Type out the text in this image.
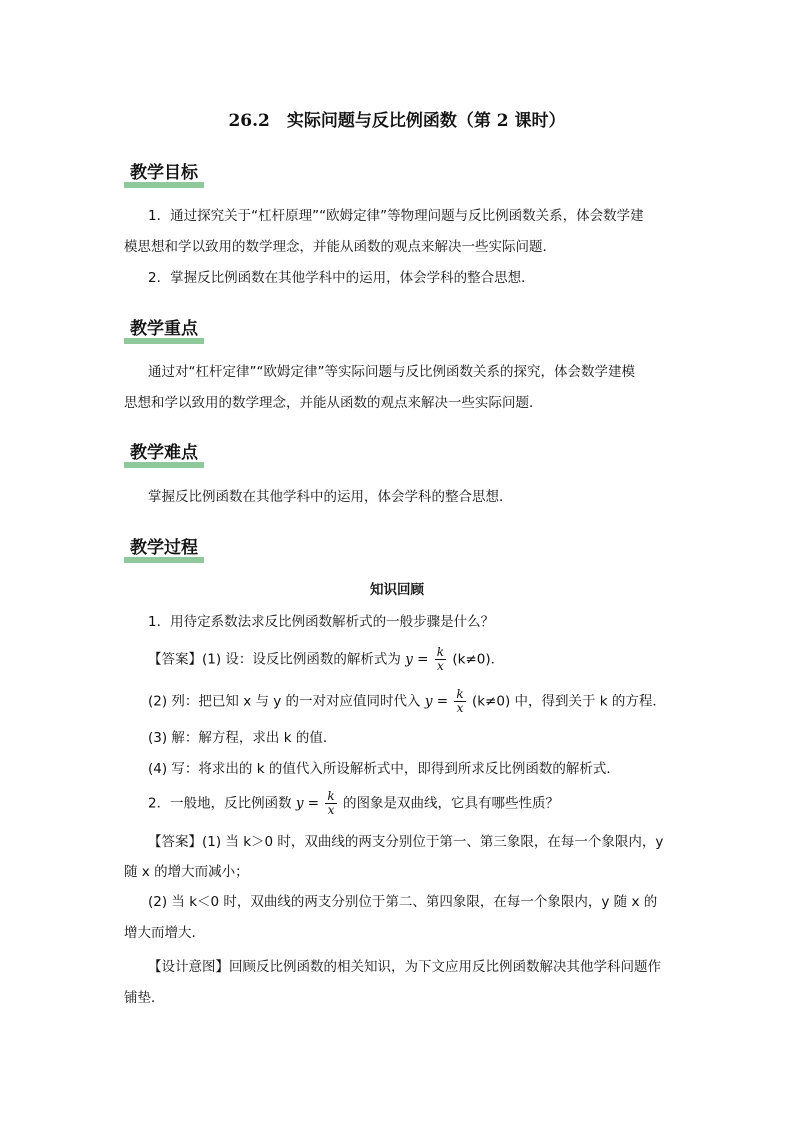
26.2　实际问题与反比例函数（第 2 课时）
教学目标
1．通过探究关于“杠杆原理”“欧姆定律”等物理问题与反比例函数关系，体会数学建
模思想和学以致用的数学理念，并能从函数的观点来解决一些实际问题．
2．掌握反比例函数在其他学科中的运用，体会学科的整合思想．
教学重点
通过对“杠杆定律”“欧姆定律”等实际问题与反比例函数关系的探究，体会数学建模
思想和学以致用的数学理念，并能从函数的观点来解决一些实际问题．
教学难点
掌握反比例函数在其他学科中的运用，体会学科的整合思想．
教学过程
知识回顾
1．用待定系数法求反比例函数解析式的一般步骤是什么？
【答案】(1) 设：设反比例函数的解析式为 $y = \frac{k}{x} (k\ne 0)$．
(2) 列：把已知 x 与 y 的一对对应值同时代入 $y = \frac{k}{x} (k\ne 0)$ 中，得到关于 k 的方程．
(3) 解：解方程，求出 k 的值．
(4) 写：将求出的 k 的值代入所设解析式中，即得到所求反比例函数的解析式．
2．一般地，反比例函数 $y = \frac{k}{x}$ 的图象是双曲线，它具有哪些性质？
【答案】(1) 当 k＞0 时，双曲线的两支分别位于第一、第三象限，在每一个象限内，y
随 x 的增大而减小；
(2) 当 k＜0 时，双曲线的两支分别位于第二、第四象限，在每一个象限内，y 随 x 的
增大而增大．
【设计意图】回顾反比例函数的相关知识，为下文应用反比例函数解决其他学科问题作
铺垫．
